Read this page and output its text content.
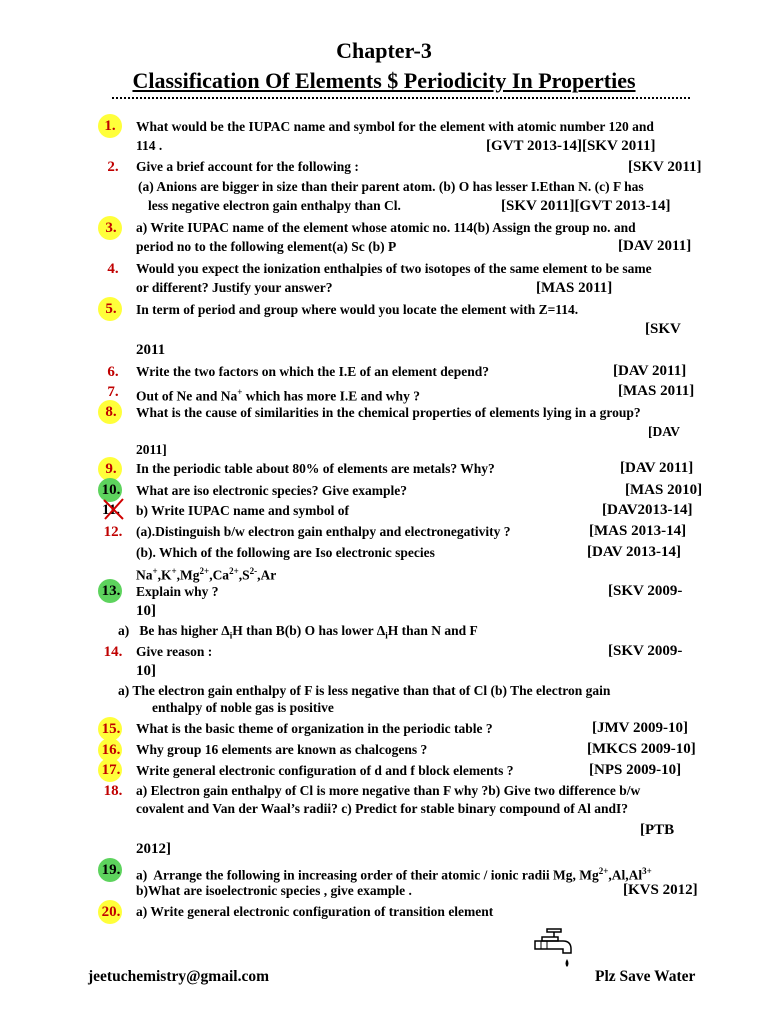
Chapter-3
Classification Of Elements $ Periodicity In Properties
1.	What would be the IUPAC name and symbol for the element with atomic number 120 and
114 .	[GVT 2013-14][SKV 2011]
2.	Give a brief account for the following :	[SKV 2011]
(a) Anions are bigger in size than their parent atom. (b) O has lesser I.Ethan N. (c) F has
less negative electron gain enthalpy than Cl.	[SKV 2011][GVT 2013-14]
3.	a) Write IUPAC name of the element whose atomic no. 114(b) Assign the group no. and
period no to the following element(a) Sc (b) P	[DAV 2011]
4.	Would you expect the ionization enthalpies of two isotopes of the same element to be same
or different? Justify your answer?	[MAS 2011]
5.	In term of period and group where would you locate the element with Z=114.
[SKV
2011
6.	Write the two factors on which the I.E of an element depend?	[DAV 2011]
7.	Out of Ne and Na+ which has more I.E and why ?	[MAS 2011]
8.	What is the cause of similarities in the chemical properties of elements lying in a group?
[DAV
2011]
9.	In the periodic table about 80% of elements are metals? Why?	[DAV 2011]
10.	What are iso electronic species? Give example?	[MAS 2010]
11.	b) Write IUPAC name and symbol of	[DAV2013-14]
12.	(a).Distinguish b/w electron gain enthalpy and electronegativity ?	[MAS 2013-14]
(b). Which of the following are Iso electronic species	[DAV 2013-14]
$Na^+,K^+,Mg^{2+},Ca^{2+},S^{2-},Ar$
13.	Explain why ?	[SKV 2009-
10]
a)   Be has higher $\Delta_iH$ than B(b) O has lower $\Delta_iH$ than N and F
14.	Give reason :	[SKV 2009-
10]
a) The electron gain enthalpy of F is less negative than that of Cl (b) The electron gain
enthalpy of noble gas is positive
15.	What is the basic theme of organization in the periodic table ?	[JMV 2009-10]
16.	Why group 16 elements are known as chalcogens ?	[MKCS 2009-10]
17.	Write general electronic configuration of d and f block elements ?	[NPS 2009-10]
18.	a) Electron gain enthalpy of Cl is more negative than F why ?b) Give two difference b/w
covalent and Van der Waal’s radii? c) Predict for stable binary compound of Al andI?
[PTB
2012]
19.	a)  Arrange the following in increasing order of their atomic / ionic radii Mg, $Mg^{2+},Al,Al^{3+}$
b)What are isoelectronic species , give example .	[KVS 2012]
20.	a) Write general electronic configuration of transition element
jeetuchemistry@gmail.com	Plz Save Water
